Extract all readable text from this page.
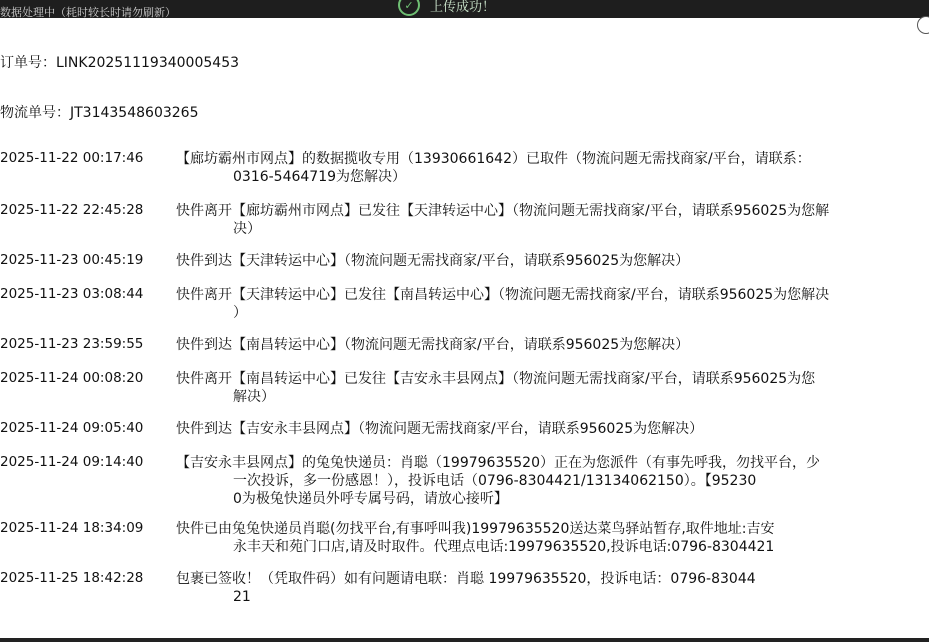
数据处理中（耗时较长时请勿刷新）
✓	上传成功！
订单号：LINK20251119340005453
物流单号：JT3143548603265
2025-11-22 00:17:46 【廊坊霸州市网点】的数据揽收专用（13930661642）已取件（物流问题无需找商家/平台，请联系：
0316-5464719为您解决）
2025-11-22 22:45:28 快件离开【廊坊霸州市网点】已发往【天津转运中心】（物流问题无需找商家/平台，请联系956025为您解
决）
2025-11-23 00:45:19 快件到达【天津转运中心】（物流问题无需找商家/平台，请联系956025为您解决）
2025-11-23 03:08:44 快件离开【天津转运中心】已发往【南昌转运中心】（物流问题无需找商家/平台，请联系956025为您解决
）
2025-11-23 23:59:55 快件到达【南昌转运中心】（物流问题无需找商家/平台，请联系956025为您解决）
2025-11-24 00:08:20 快件离开【南昌转运中心】已发往【吉安永丰县网点】（物流问题无需找商家/平台，请联系956025为您
解决）
2025-11-24 09:05:40 快件到达【吉安永丰县网点】（物流问题无需找商家/平台，请联系956025为您解决）
2025-11-24 09:14:40 【吉安永丰县网点】的兔兔快递员：肖聪（19979635520）正在为您派件（有事先呼我，勿找平台，少
一次投诉，多一份感恩！），投诉电话（0796-8304421/13134062150）。【95230
0为极兔快递员外呼专属号码，请放心接听】
2025-11-24 18:34:09 快件已由兔兔快递员肖聪(勿找平台,有事呼叫我)19979635520送达菜鸟驿站暂存,取件地址:吉安
永丰天和苑门口店,请及时取件。代理点电话:19979635520,投诉电话:0796-8304421
2025-11-25 18:42:28 包裹已签收！（凭取件码）如有问题请电联：肖聪 19979635520，投诉电话：0796-83044
21
